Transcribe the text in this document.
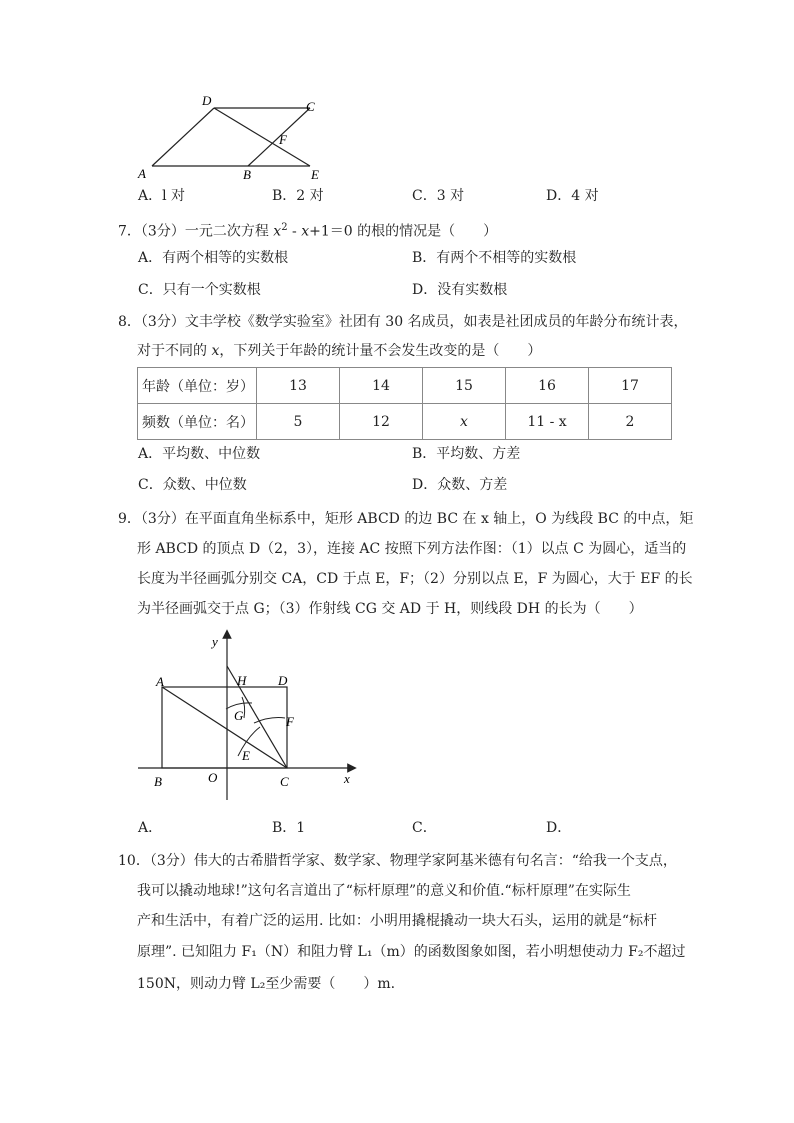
D	C
F
A	B	E
A．l 对	B．2 对	C．3 对	D．4 对
7．（3分）一元二次方程 $x^2 - x+1=0$ 的根的情况是（　　）
A．有两个相等的实数根	B．有两个不相等的实数根
C．只有一个实数根	D．没有实数根
8．（3分）文丰学校《数学实验室》社团有 30 名成员，如表是社团成员的年龄分布统计表，
对于不同的 x，下列关于年龄的统计量不会发生改变的是（　　）
年龄（单位：岁）	13	14	15	16	17
频数（单位：名）	5	12	x	11 - x	2
A．平均数、中位数	B．平均数、方差
C．众数、中位数	D．众数、方差
9．（3分）在平面直角坐标系中，矩形 ABCD 的边 BC 在 x 轴上，O 为线段 BC 的中点，矩
形 ABCD 的顶点 D（2，3），连接 AC 按照下列方法作图：（1）以点 C 为圆心，适当的
长度为半径画弧分别交 CA，CD 于点 E，F；（2）分别以点 E，F 为圆心，大于 EF 的长
为半径画弧交于点 G；（3）作射线 CG 交 AD 于 H，则线段 DH 的长为（　　）
y
x
A	H D
G	F
E
B	O	C
A．	B．1	C．	D．
10．（3分）伟大的古希腊哲学家、数学家、物理学家阿基米德有句名言：“给我一个支点，
我可以撬动地球!”这句名言道出了“标杆原理”的意义和价值.“标杆原理”在实际生
产和生活中，有着广泛的运用. 比如：小明用撬棍撬动一块大石头，运用的就是“标杆
原理”. 已知阻力 F₁（N）和阻力臂 L₁（m）的函数图象如图，若小明想使动力 F₂不超过
150N，则动力臂 L₂至少需要（　　）m.
